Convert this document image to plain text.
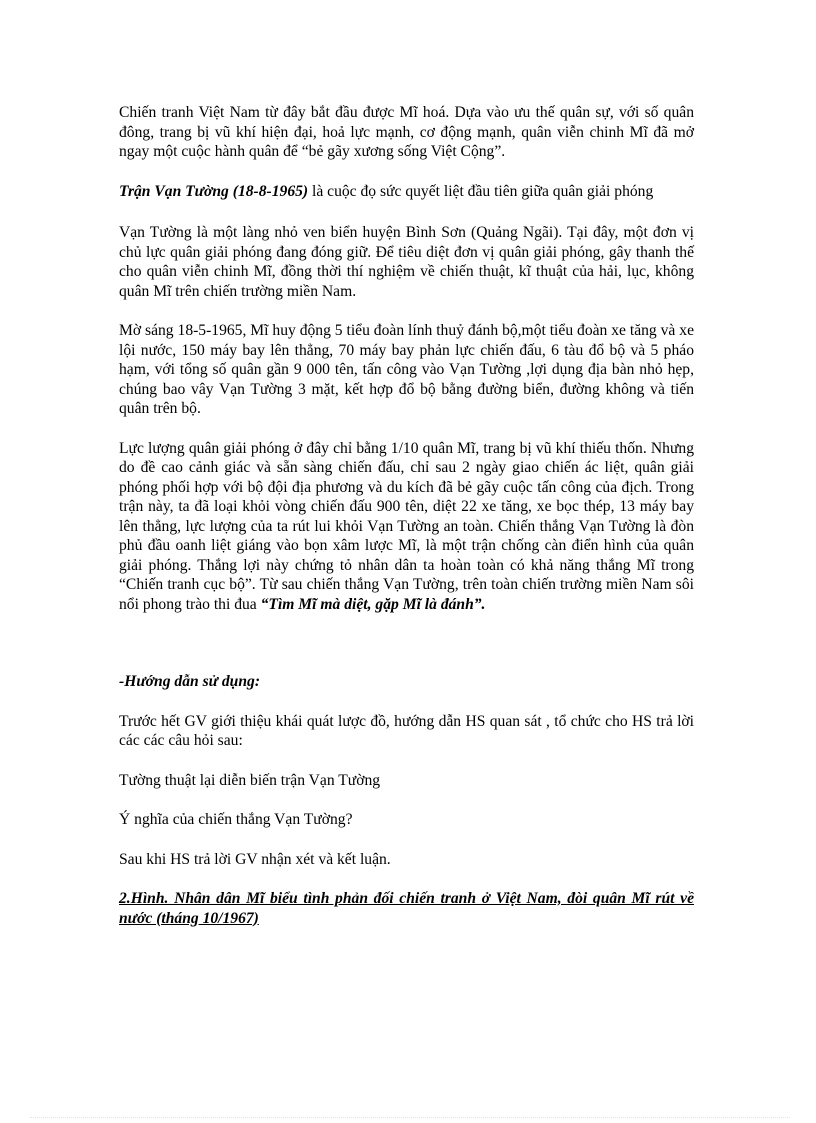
Chiến tranh Việt Nam từ đây bắt đầu được Mĩ hoá. Dựa vào ưu thế quân sự, với số quân đông, trang bị vũ khí hiện đại, hoả lực mạnh, cơ động mạnh, quân viễn chinh Mĩ đã mở ngay một cuộc hành quân để “bẻ gãy xương sống Việt Cộng”.

Trận Vạn Tường (18-8-1965) là cuộc đọ sức quyết liệt đầu tiên giữa quân giải phóng

Vạn Tường là một làng nhỏ ven biển huyện Bình Sơn (Quảng Ngãi). Tại đây, một đơn vị chủ lực quân giải phóng đang đóng giữ. Để tiêu diệt đơn vị quân giải phóng, gây thanh thế cho quân viễn chinh Mĩ, đồng thời thí nghiệm về chiến thuật, kĩ thuật của hải, lục, không quân Mĩ trên chiến trường miền Nam.

Mờ sáng 18-5-1965, Mĩ huy động 5 tiểu đoàn lính thuỷ đánh bộ,một tiểu đoàn xe tăng và xe lội nước, 150 máy bay lên thẳng, 70 máy bay phản lực chiến đấu, 6 tàu đổ bộ và 5 pháo hạm, với tổng số quân gần 9 000 tên, tấn công vào Vạn Tường ,lợi dụng địa bàn nhỏ hẹp, chúng bao vây Vạn Tường 3 mặt, kết hợp đổ bộ bằng đường biển, đường không và tiến quân trên bộ.

Lực lượng quân giải phóng ở đây chỉ bằng 1/10 quân Mĩ, trang bị vũ khí thiếu thốn. Nhưng do đề cao cảnh giác và sẵn sàng chiến đấu, chỉ sau 2 ngày giao chiến ác liệt, quân giải phóng phối hợp với bộ đội địa phương và du kích đã bẻ gãy cuộc tấn công của địch. Trong trận này, ta đã loại khỏi vòng chiến đấu 900 tên, diệt 22 xe tăng, xe bọc thép, 13 máy bay lên thẳng, lực lượng của ta rút lui khỏi Vạn Tường an toàn. Chiến thắng Vạn Tường là đòn phủ đầu oanh liệt giáng vào bọn xâm lược Mĩ, là một trận chống càn điển hình của quân giải phóng. Thắng lợi này chứng tỏ nhân dân ta hoàn toàn có khả năng thắng Mĩ trong “Chiến tranh cục bộ”. Từ sau chiến thắng Vạn Tường, trên toàn chiến trường miền Nam sôi nổi phong trào thi đua “Tìm Mĩ mà diệt, gặp Mĩ là đánh”.

-Hướng dẫn sử dụng:

Trước hết GV giới thiệu khái quát lược đồ, hướng dẫn HS quan sát , tổ chức cho HS trả lời các các câu hỏi sau:

Tường thuật lại diễn biến trận Vạn Tường

Ý nghĩa của chiến thắng Vạn Tường?

Sau khi HS trả lời GV nhận xét và kết luận.

2.Hình. Nhân dân Mĩ biểu tình phản đối chiến tranh ở Việt Nam, đòi quân Mĩ rút về nước (tháng 10/1967)
